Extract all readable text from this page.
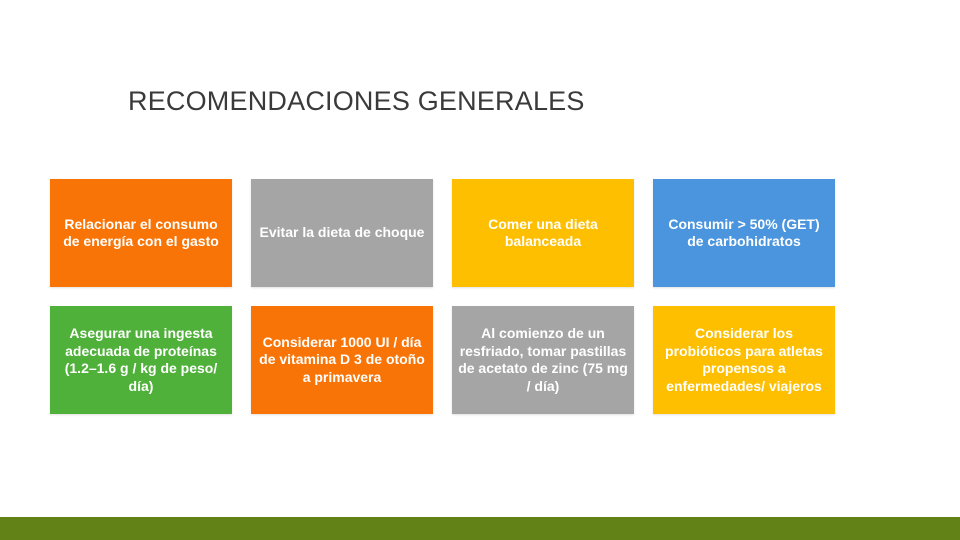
RECOMENDACIONES GENERALES
Relacionar el consumo de energía con el gasto
Evitar la dieta de choque
Comer una dieta balanceada
Consumir > 50% (GET) de carbohidratos
Asegurar una ingesta adecuada de proteínas (1.2–1.6 g / kg de peso/ día)
Considerar 1000 UI / día de vitamina D 3 de otoño a primavera
Al comienzo de un resfriado, tomar pastillas de acetato de zinc (75 mg / día)
Considerar los probióticos para atletas propensos a enfermedades/ viajeros
